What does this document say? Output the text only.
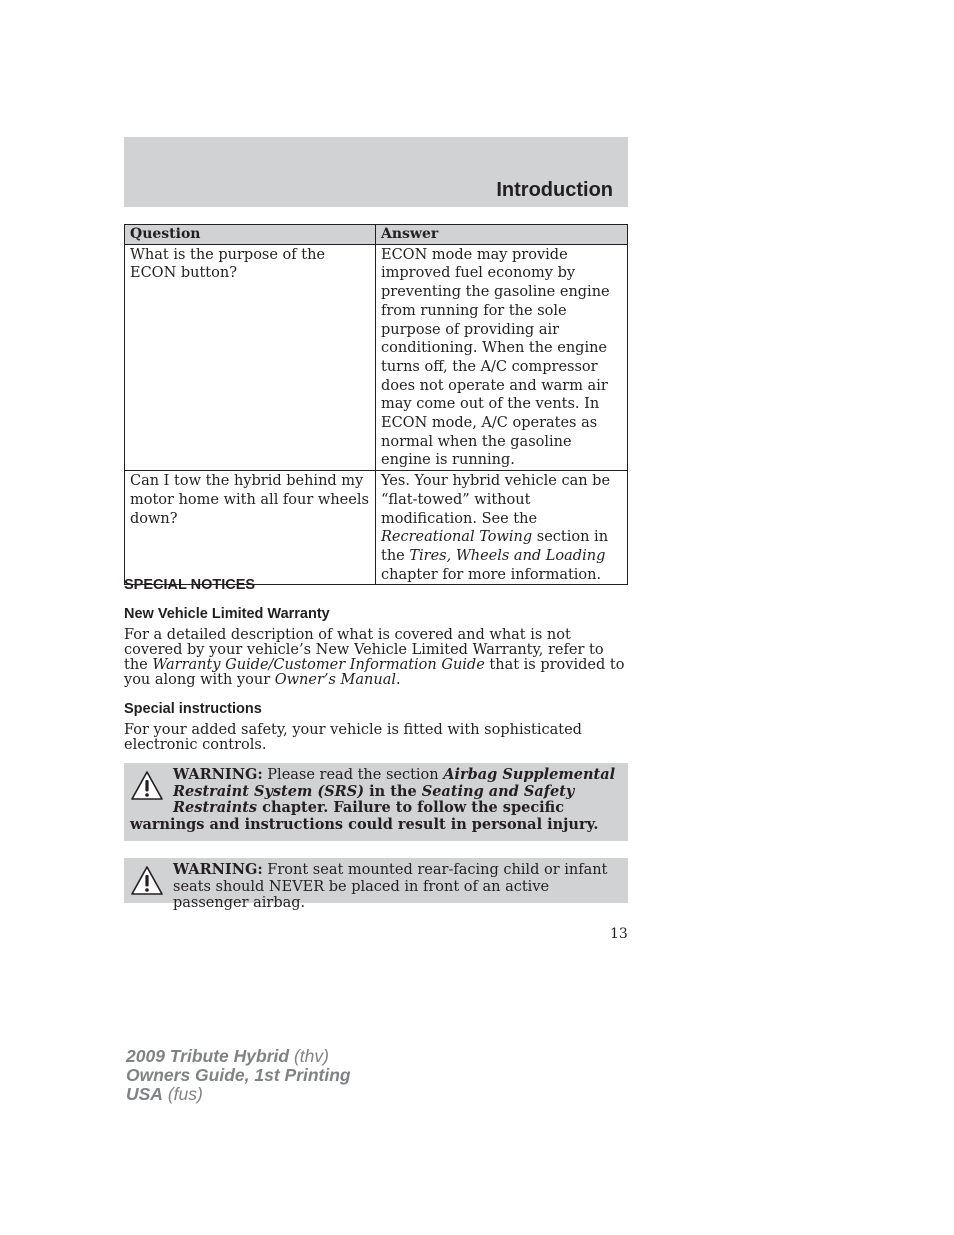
Introduction
Question	Answer
What is the purpose of the ECON button?	ECON mode may provide improved fuel economy by preventing the gasoline engine from running for the sole purpose of providing air conditioning. When the engine turns off, the A/C compressor does not operate and warm air may come out of the vents. In ECON mode, A/C operates as normal when the gasoline engine is running.
Can I tow the hybrid behind my motor home with all four wheels down?	Yes. Your hybrid vehicle can be “flat-towed” without modification. See the Recreational Towing section in the Tires, Wheels and Loading chapter for more information.
SPECIAL NOTICES
New Vehicle Limited Warranty
For a detailed description of what is covered and what is not covered by your vehicle’s New Vehicle Limited Warranty, refer to the Warranty Guide/Customer Information Guide that is provided to you along with your Owner’s Manual.
Special instructions
For your added safety, your vehicle is fitted with sophisticated electronic controls.
WARNING: Please read the section Airbag Supplemental Restraint System (SRS) in the Seating and Safety Restraints chapter. Failure to follow the specific warnings and instructions could result in personal injury.
WARNING: Front seat mounted rear-facing child or infant seats should NEVER be placed in front of an active passenger airbag.
13
2009 Tribute Hybrid (thv)
Owners Guide, 1st Printing
USA (fus)
